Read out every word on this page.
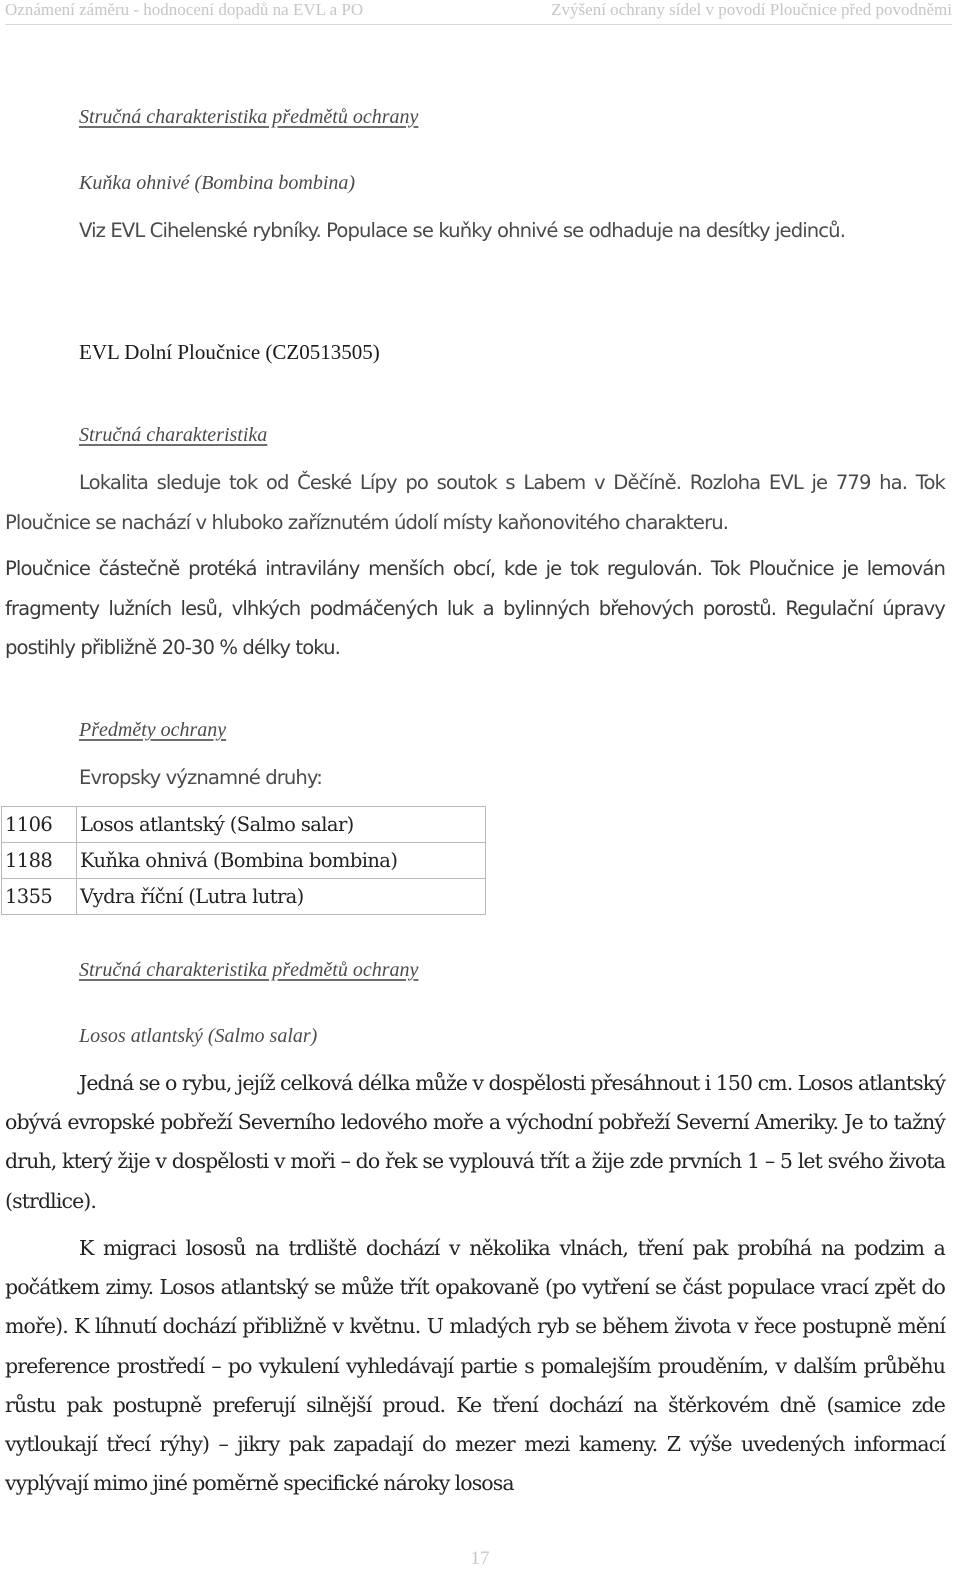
Oznámení záměru - hodnocení dopadů na EVL a PO	Zvýšení ochrany sídel v povodí Ploučnice před povodněmi

Stručná charakteristika předmětů ochrany

Kuňka ohnivé (Bombina bombina)

Viz EVL Cihelenské rybníky. Populace se kuňky ohnivé se odhaduje na desítky jedinců.

EVL Dolní Ploučnice (CZ0513505)

Stručná charakteristika

Lokalita sleduje tok od České Lípy po soutok s Labem v Děčíně. Rozloha EVL je 779 ha. Tok Ploučnice se nachází v hluboko zaříznutém údolí místy kaňonovitého charakteru.

Ploučnice částečně protéká intravilány menších obcí, kde je tok regulován. Tok Ploučnice je lemován fragmenty lužních lesů, vlhkých podmáčených luk a bylinných břehových porostů. Regulační úpravy postihly přibližně 20-30 % délky toku.

Předměty ochrany

Evropsky významné druhy:

1106	Losos atlantský (Salmo salar)
1188	Kuňka ohnivá (Bombina bombina)
1355	Vydra říční (Lutra lutra)

Stručná charakteristika předmětů ochrany

Losos atlantský (Salmo salar)

Jedná se o rybu, jejíž celková délka může v dospělosti přesáhnout i 150 cm. Losos atlantský obývá evropské pobřeží Severního ledového moře a východní pobřeží Severní Ameriky. Je to tažný druh, který žije v dospělosti v moři – do řek se vyplouvá třít a žije zde prvních 1 – 5 let svého života (strdlice).

K migraci lososů na trdliště dochází v několika vlnách, tření pak probíhá na podzim a počátkem zimy. Losos atlantský se může třít opakovaně (po vytření se část populace vrací zpět do moře). K líhnutí dochází přibližně v květnu. U mladých ryb se během života v řece postupně mění preference prostředí – po vykulení vyhledávají partie s pomalejším prouděním, v dalším průběhu růstu pak postupně preferují silnější proud. Ke tření dochází na štěrkovém dně (samice zde vytloukají třecí rýhy) – jikry pak zapadají do mezer mezi kameny. Z výše uvedených informací vyplývají mimo jiné poměrně specifické nároky lososa

17
